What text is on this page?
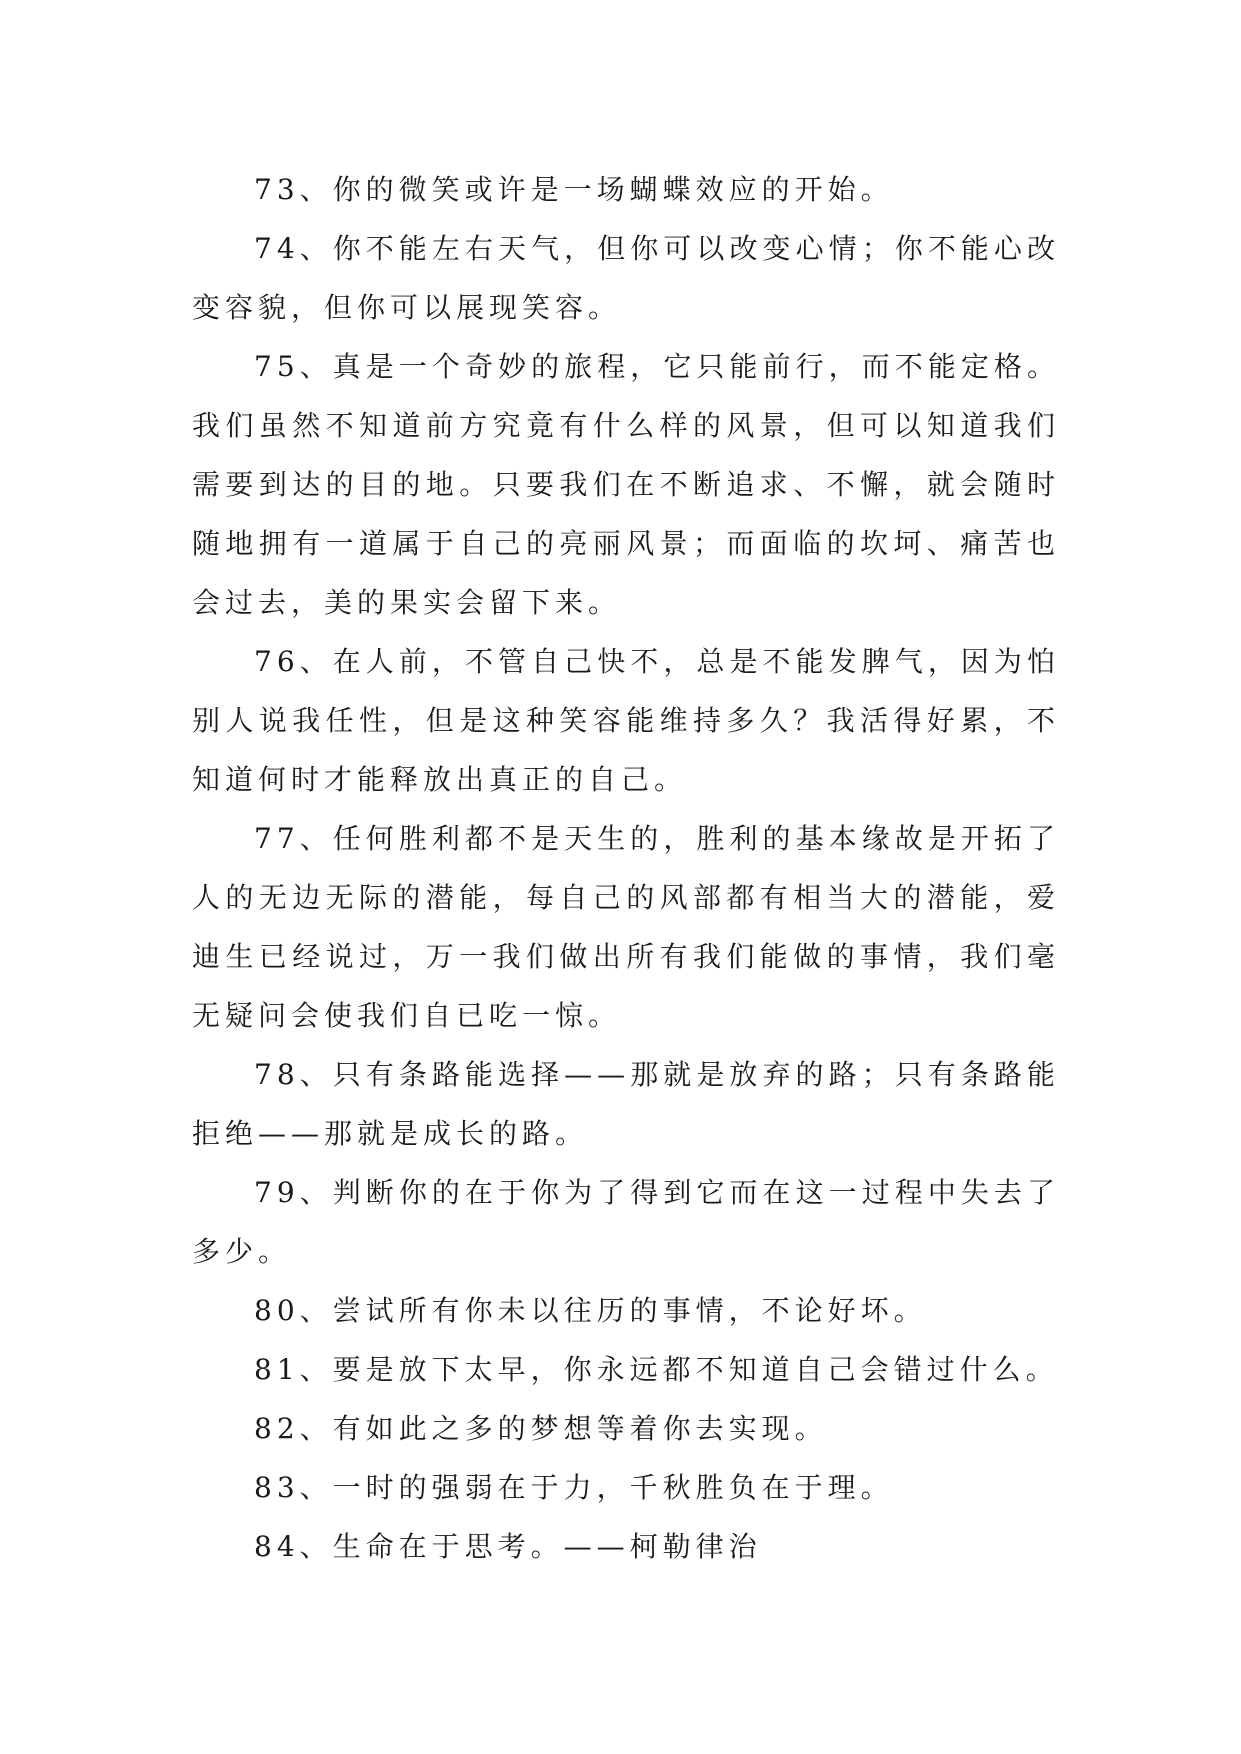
73、你的微笑或许是一场蝴蝶效应的开始。

74、你不能左右天气，但你可以改变心情；你不能心改变容貌，但你可以展现笑容。

75、真是一个奇妙的旅程，它只能前行，而不能定格。我们虽然不知道前方究竟有什么样的风景，但可以知道我们需要到达的目的地。只要我们在不断追求、不懈，就会随时随地拥有一道属于自己的亮丽风景；而面临的坎坷、痛苦也会过去，美的果实会留下来。

76、在人前，不管自己快不，总是不能发脾气，因为怕别人说我任性，但是这种笑容能维持多久？我活得好累，不知道何时才能释放出真正的自己。

77、任何胜利都不是天生的，胜利的基本缘故是开拓了人的无边无际的潜能，每自己的风部都有相当大的潜能，爱迪生已经说过，万一我们做出所有我们能做的事情，我们毫无疑问会使我们自已吃一惊。

78、只有条路能选择——那就是放弃的路；只有条路能拒绝——那就是成长的路。

79、判断你的在于你为了得到它而在这一过程中失去了多少。

80、尝试所有你未以往历的事情，不论好坏。

81、要是放下太早，你永远都不知道自己会错过什么。

82、有如此之多的梦想等着你去实现。

83、一时的强弱在于力，千秋胜负在于理。

84、生命在于思考。——柯勒律治
